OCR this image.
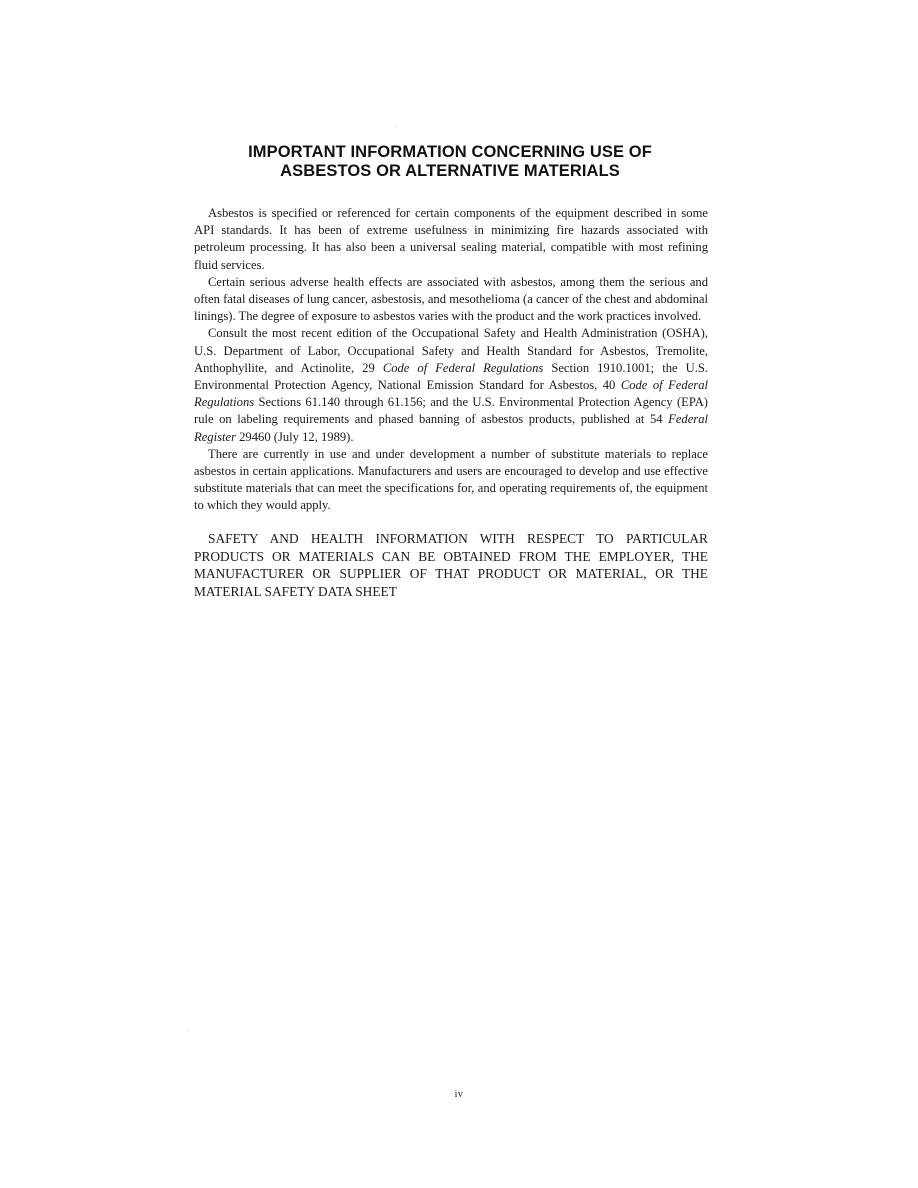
IMPORTANT INFORMATION CONCERNING USE OF
ASBESTOS OR ALTERNATIVE MATERIALS

Asbestos is specified or referenced for certain components of the equipment described in some API standards. It has been of extreme usefulness in minimizing fire hazards associated with petroleum processing. It has also been a universal sealing material, compatible with most refining fluid services.

Certain serious adverse health effects are associated with asbestos, among them the serious and often fatal diseases of lung cancer, asbestosis, and mesothelioma (a cancer of the chest and abdominal linings). The degree of exposure to asbestos varies with the product and the work practices involved.

Consult the most recent edition of the Occupational Safety and Health Administration (OSHA), U.S. Department of Labor, Occupational Safety and Health Standard for Asbestos, Tremolite, Anthophyllite, and Actinolite, 29 Code of Federal Regulations Section 1910.1001; the U.S. Environmental Protection Agency, National Emission Standard for Asbestos, 40 Code of Federal Regulations Sections 61.140 through 61.156; and the U.S. Environmental Protection Agency (EPA) rule on labeling requirements and phased banning of asbestos products, published at 54 Federal Register 29460 (July 12, 1989).

There are currently in use and under development a number of substitute materials to replace asbestos in certain applications. Manufacturers and users are encouraged to develop and use effective substitute materials that can meet the specifications for, and operating requirements of, the equipment to which they would apply.

SAFETY AND HEALTH INFORMATION WITH RESPECT TO PARTICULAR PRODUCTS OR MATERIALS CAN BE OBTAINED FROM THE EMPLOYER, THE MANUFACTURER OR SUPPLIER OF THAT PRODUCT OR MATERIAL, OR THE MATERIAL SAFETY DATA SHEET
iv
